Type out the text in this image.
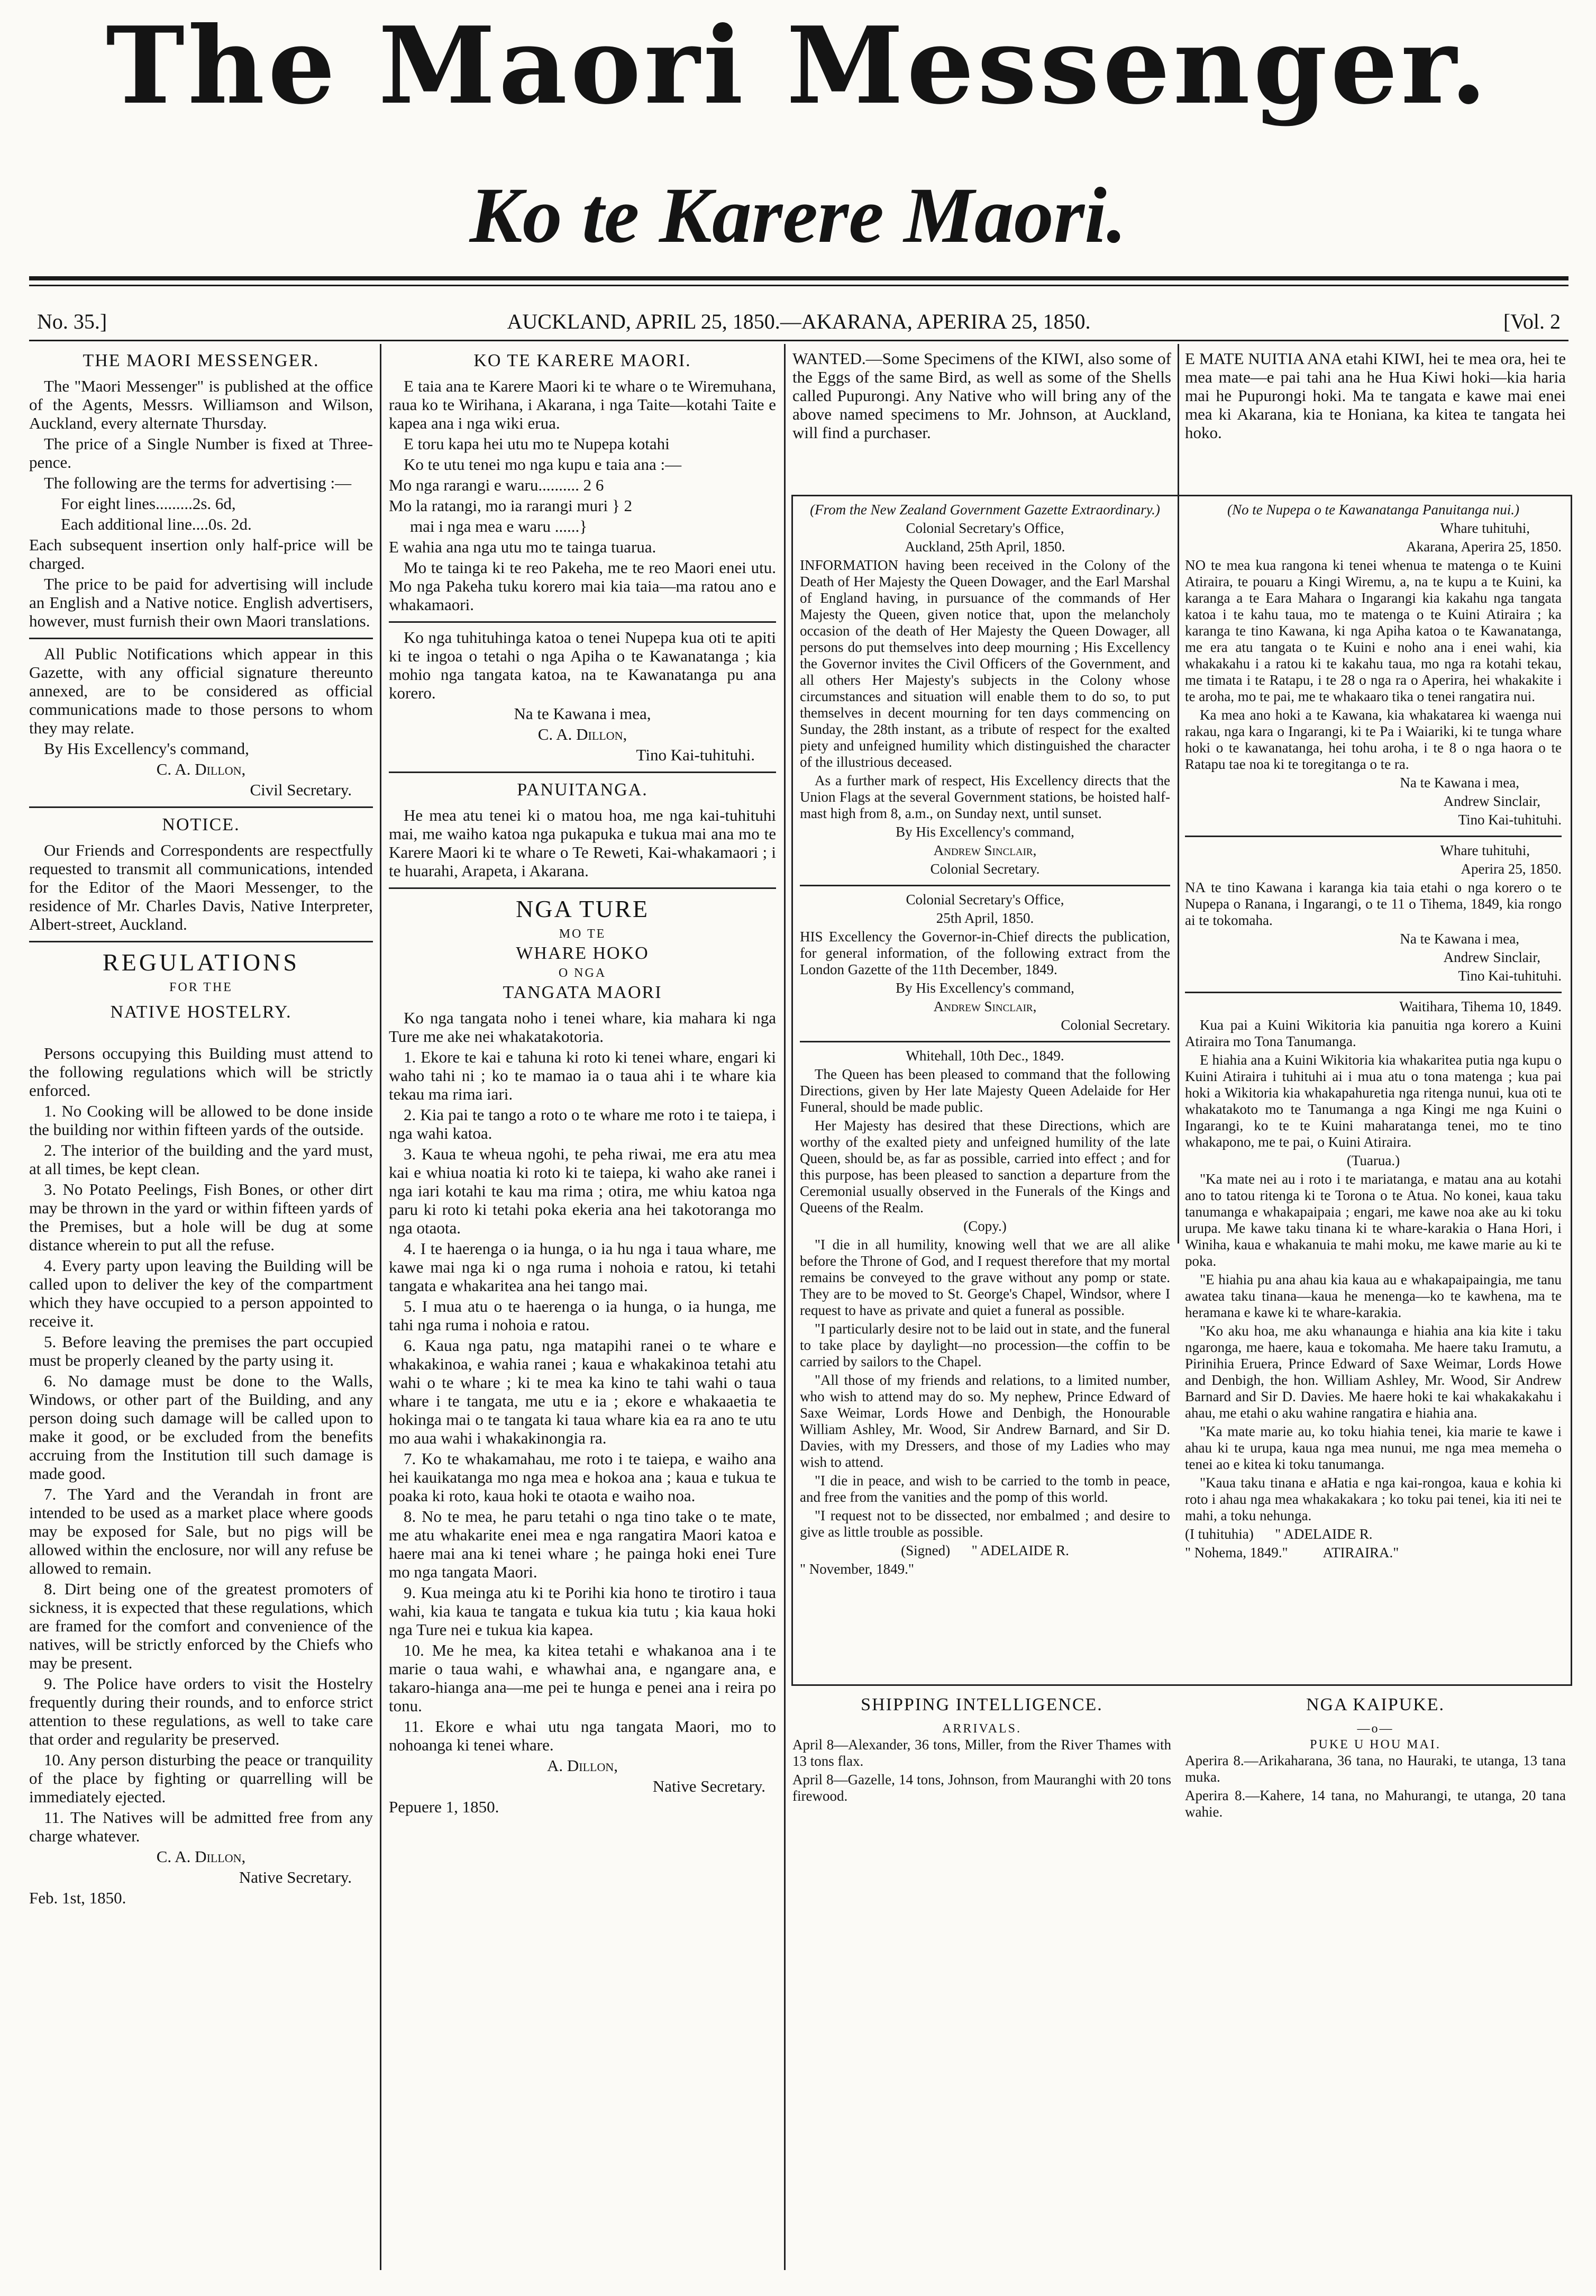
The Maori Messenger.
Ko te Karere Maori.
No. 35.]	AUCKLAND, APRIL 25, 1850.—AKARANA, APERIRA 25, 1850.	[Vol. 2
THE MAORI MESSENGER.

The "Maori Messenger" is published at the office of the Agents, Messrs. Williamson and Wilson, Auckland, every alternate Thursday.

The price of a Single Number is fixed at Three-pence.

The following are the terms for advertising :—

For eight lines.........2s. 6d,

Each additional line....0s. 2d.

Each subsequent insertion only half-price will be charged.

The price to be paid for advertising will include an English and a Native notice. English advertisers, however, must furnish their own Maori translations.

All Public Notifications which appear in this Gazette, with any official signature thereunto annexed, are to be considered as official communications made to those persons to whom they may relate.

By His Excellency's command,

C. A. Dillon,

Civil Secretary.

NOTICE.

Our Friends and Correspondents are respectfully requested to transmit all communications, intended for the Editor of the Maori Messenger, to the residence of Mr. Charles Davis, Native Interpreter, Albert-street, Auckland.

REGULATIONS
FOR THE
NATIVE HOSTELRY.

Persons occupying this Building must attend to the following regulations which will be strictly enforced.

1. No Cooking will be allowed to be done inside the building nor within fifteen yards of the outside.

2. The interior of the building and the yard must, at all times, be kept clean.

3. No Potato Peelings, Fish Bones, or other dirt may be thrown in the yard or within fifteen yards of the Premises, but a hole will be dug at some distance wherein to put all the refuse.

4. Every party upon leaving the Building will be called upon to deliver the key of the compartment which they have occupied to a person appointed to receive it.

5. Before leaving the premises the part occupied must be properly cleaned by the party using it.

6. No damage must be done to the Walls, Windows, or other part of the Building, and any person doing such damage will be called upon to make it good, or be excluded from the benefits accruing from the Institution till such damage is made good.

7. The Yard and the Verandah in front are intended to be used as a market place where goods may be exposed for Sale, but no pigs will be allowed within the enclosure, nor will any refuse be allowed to remain.

8. Dirt being one of the greatest promoters of sickness, it is expected that these regulations, which are framed for the comfort and convenience of the natives, will be strictly enforced by the Chiefs who may be present.

9. The Police have orders to visit the Hostelry frequently during their rounds, and to enforce strict attention to these regulations, as well to take care that order and regularity be preserved.

10. Any person disturbing the peace or tranquility of the place by fighting or quarrelling will be immediately ejected.

11. The Natives will be admitted free from any charge whatever.

C. A. Dillon,

Native Secretary.

Feb. 1st, 1850.

KO TE KARERE MAORI.

E taia ana te Karere Maori ki te whare o te Wiremuhana, raua ko te Wirihana, i Akarana, i nga Taite—kotahi Taite e kapea ana i nga wiki erua.

E toru kapa hei utu mo te Nupepa kotahi

Ko te utu tenei mo nga kupu e taia ana :—

Mo nga rarangi e waru.......... 2 6

Mo la ratangi, mo ia rarangi muri } 2

mai i nga mea e waru ......}

E wahia ana nga utu mo te tainga tuarua.

Mo te tainga ki te reo Pakeha, me te reo Maori enei utu. Mo nga Pakeha tuku korero mai kia taia—ma ratou ano e whakamaori.

Ko nga tuhituhinga katoa o tenei Nupepa kua oti te apiti ki te ingoa o tetahi o nga Apiha o te Kawanatanga ; kia mohio nga tangata katoa, na te Kawanatanga pu ana korero.

Na te Kawana i mea,

C. A. Dillon,

Tino Kai-tuhituhi.

PANUITANGA.

He mea atu tenei ki o matou hoa, me nga kai-tuhituhi mai, me waiho katoa nga pukapuka e tukua mai ana mo te Karere Maori ki te whare o Te Reweti, Kai-whakamaori ; i te huarahi, Arapeta, i Akarana.

NGA TURE
MO TE
WHARE HOKO
O NGA
TANGATA MAORI

Ko nga tangata noho i tenei whare, kia mahara ki nga Ture me ake nei whakatakotoria.

1. Ekore te kai e tahuna ki roto ki tenei whare, engari ki waho tahi ni ; ko te mamao ia o taua ahi i te whare kia tekau ma rima iari.

2. Kia pai te tango a roto o te whare me roto i te taiepa, i nga wahi katoa.

3. Kaua te wheua ngohi, te peha riwai, me era atu mea kai e whiua noatia ki roto ki te taiepa, ki waho ake ranei i nga iari kotahi te kau ma rima ; otira, me whiu katoa nga paru ki roto ki tetahi poka ekeria ana hei takotoranga mo nga otaota.

4. I te haerenga o ia hunga, o ia hu nga i taua whare, me kawe mai nga ki o nga ruma i nohoia e ratou, ki tetahi tangata e whakaritea ana hei tango mai.

5. I mua atu o te haerenga o ia hunga, o ia hunga, me tahi nga ruma i nohoia e ratou.

6. Kaua nga patu, nga matapihi ranei o te whare e whakakinoa, e wahia ranei ; kaua e whakakinoa tetahi atu wahi o te whare ; ki te mea ka kino te tahi wahi o taua whare i te tangata, me utu e ia ; ekore e whakaaetia te hokinga mai o te tangata ki taua whare kia ea ra ano te utu mo aua wahi i whakakinongia ra.

7. Ko te whakamahau, me roto i te taiepa, e waiho ana hei kauikatanga mo nga mea e hokoa ana ; kaua e tukua te poaka ki roto, kaua hoki te otaota e waiho noa.

8. No te mea, he paru tetahi o nga tino take o te mate, me atu whakarite enei mea e nga rangatira Maori katoa e haere mai ana ki tenei whare ; he painga hoki enei Ture mo nga tangata Maori.

9. Kua meinga atu ki te Porihi kia hono te tirotiro i taua wahi, kia kaua te tangata e tukua kia tutu ; kia kaua hoki nga Ture nei e tukua kia kapea.

10. Me he mea, ka kitea tetahi e whakanoa ana i te marie o taua wahi, e whawhai ana, e ngangare ana, e takaro-hianga ana—me pei te hunga e penei ana i reira po tonu.

11. Ekore e whai utu nga tangata Maori, mo to nohoanga ki tenei whare.

A. Dillon,

Native Secretary.

Pepuere 1, 1850.

WANTED.—Some Specimens of the KIWI, also some of the Eggs of the same Bird, as well as some of the Shells called Pupurongi. Any Native who will bring any of the above named specimens to Mr. Johnson, at Auckland, will find a purchaser.

(From the New Zealand Government Gazette Extraordinary.)

Colonial Secretary's Office,

Auckland, 25th April, 1850.

INFORMATION having been received in the Colony of the Death of Her Majesty the Queen Dowager, and the Earl Marshal of England having, in pursuance of the commands of Her Majesty the Queen, given notice that, upon the melancholy occasion of the death of Her Majesty the Queen Dowager, all persons do put themselves into deep mourning ; His Excellency the Governor invites the Civil Officers of the Government, and all others Her Majesty's subjects in the Colony whose circumstances and situation will enable them to do so, to put themselves in decent mourning for ten days commencing on Sunday, the 28th instant, as a tribute of respect for the exalted piety and unfeigned humility which distinguished the character of the illustrious deceased.

As a further mark of respect, His Excellency directs that the Union Flags at the several Government stations, be hoisted half-mast high from 8, a.m., on Sunday next, until sunset.

By His Excellency's command,

Andrew Sinclair,

Colonial Secretary.

Colonial Secretary's Office,

25th April, 1850.

HIS Excellency the Governor-in-Chief directs the publication, for general information, of the following extract from the London Gazette of the 11th December, 1849.

By His Excellency's command,

Andrew Sinclair,

Colonial Secretary.

Whitehall, 10th Dec., 1849.

The Queen has been pleased to command that the following Directions, given by Her late Majesty Queen Adelaide for Her Funeral, should be made public.

Her Majesty has desired that these Directions, which are worthy of the exalted piety and unfeigned humility of the late Queen, should be, as far as possible, carried into effect ; and for this purpose, has been pleased to sanction a departure from the Ceremonial usually observed in the Funerals of the Kings and Queens of the Realm.

(Copy.)

"I die in all humility, knowing well that we are all alike before the Throne of God, and I request therefore that my mortal remains be conveyed to the grave without any pomp or state. They are to be moved to St. George's Chapel, Windsor, where I request to have as private and quiet a funeral as possible.

"I particularly desire not to be laid out in state, and the funeral to take place by daylight—no procession—the coffin to be carried by sailors to the Chapel.

"All those of my friends and relations, to a limited number, who wish to attend may do so. My nephew, Prince Edward of Saxe Weimar, Lords Howe and Denbigh, the Honourable William Ashley, Mr. Wood, Sir Andrew Barnard, and Sir D. Davies, with my Dressers, and those of my Ladies who may wish to attend.

"I die in peace, and wish to be carried to the tomb in peace, and free from the vanities and the pomp of this world.

"I request not to be dissected, nor embalmed ; and desire to give as little trouble as possible.

(Signed) " ADELAIDE R.

" November, 1849."

SHIPPING INTELLIGENCE.
ARRIVALS.

April 8—Alexander, 36 tons, Miller, from the River Thames with 13 tons flax.

April 8—Gazelle, 14 tons, Johnson, from Mauranghi with 20 tons firewood.

E MATE NUITIA ANA etahi KIWI, hei te mea ora, hei te mea mate—e pai tahi ana he Hua Kiwi hoki—kia haria mai he Pupurongi hoki. Ma te tangata e kawe mai enei mea ki Akarana, kia te Honiana, ka kitea te tangata hei hoko.

(No te Nupepa o te Kawanatanga Panuitanga nui.)

Whare tuhituhi,

Akarana, Aperira 25, 1850.

NO te mea kua rangona ki tenei whenua te matenga o te Kuini Atiraira, te pouaru a Kingi Wiremu, a, na te kupu a te Kuini, ka karanga a te Eara Mahara o Ingarangi kia kakahu nga tangata katoa i te kahu taua, mo te matenga o te Kuini Atiraira ; ka karanga te tino Kawana, ki nga Apiha katoa o te Kawanatanga, me era atu tangata o te Kuini e noho ana i enei wahi, kia whakakahu i a ratou ki te kakahu taua, mo nga ra kotahi tekau, me timata i te Ratapu, i te 28 o nga ra o Aperira, hei whakakite i te aroha, mo te pai, me te whakaaro tika o tenei rangatira nui.

Ka mea ano hoki a te Kawana, kia whakatarea ki waenga nui rakau, nga kara o Ingarangi, ki te Pa i Waiariki, ki te tunga whare hoki o te kawanatanga, hei tohu aroha, i te 8 o nga haora o te Ratapu tae noa ki te toregitanga o te ra.

Na te Kawana i mea,

Andrew Sinclair,

Tino Kai-tuhituhi.

Whare tuhituhi,

Aperira 25, 1850.

NA te tino Kawana i karanga kia taia etahi o nga korero o te Nupepa o Ranana, i Ingarangi, o te 11 o Tihema, 1849, kia rongo ai te tokomaha.

Na te Kawana i mea,

Andrew Sinclair,

Tino Kai-tuhituhi.

Waitihara, Tihema 10, 1849.

Kua pai a Kuini Wikitoria kia panuitia nga korero a Kuini Atiraira mo Tona Tanumanga.

E hiahia ana a Kuini Wikitoria kia whakaritea putia nga kupu o Kuini Atiraira i tuhituhi ai i mua atu o tona matenga ; kua pai hoki a Wikitoria kia whakapahuretia nga ritenga nunui, kua oti te whakatakoto mo te Tanumanga a nga Kingi me nga Kuini o Ingarangi, ko te te Kuini maharatanga tenei, mo te tino whakapono, me te pai, o Kuini Atiraira.

(Tuarua.)

"Ka mate nei au i roto i te mariatanga, e matau ana au kotahi ano to tatou ritenga ki te Torona o te Atua. No konei, kaua taku tanumanga e whakapaipaia ; engari, me kawe noa ake au ki toku urupa. Me kawe taku tinana ki te whare-karakia o Hana Hori, i Winiha, kaua e whakanuia te mahi moku, me kawe marie au ki te poka.

"E hiahia pu ana ahau kia kaua au e whakapaipaingia, me tanu awatea taku tinana—kaua he menenga—ko te kawhena, ma te heramana e kawe ki te whare-karakia.

"Ko aku hoa, me aku whanaunga e hiahia ana kia kite i taku ngaronga, me haere, kaua e tokomaha. Me haere taku Iramutu, a Pirinihia Eruera, Prince Edward of Saxe Weimar, Lords Howe and Denbigh, the hon. William Ashley, Mr. Wood, Sir Andrew Barnard and Sir D. Davies. Me haere hoki te kai whakakakahu i ahau, me etahi o aku wahine rangatira e hiahia ana.

"Ka mate marie au, ko toku hiahia tenei, kia marie te kawe i ahau ki te urupa, kaua nga mea nunui, me nga mea memeha o tenei ao e kitea ki toku tanumanga.

"Kaua taku tinana e aHatia e nga kai-rongoa, kaua e kohia ki roto i ahau nga mea whakakakara ; ko toku pai tenei, kia iti nei te mahi, a toku nehunga.

(I tuhituhia) " ADELAIDE R.

" Nohema, 1849." ATIRAIRA."

NGA KAIPUKE.
—o—
PUKE U HOU MAI.

Aperira 8.—Arikaharana, 36 tana, no Hauraki, te utanga, 13 tana muka.

Aperira 8.—Kahere, 14 tana, no Mahurangi, te utanga, 20 tana wahie.
